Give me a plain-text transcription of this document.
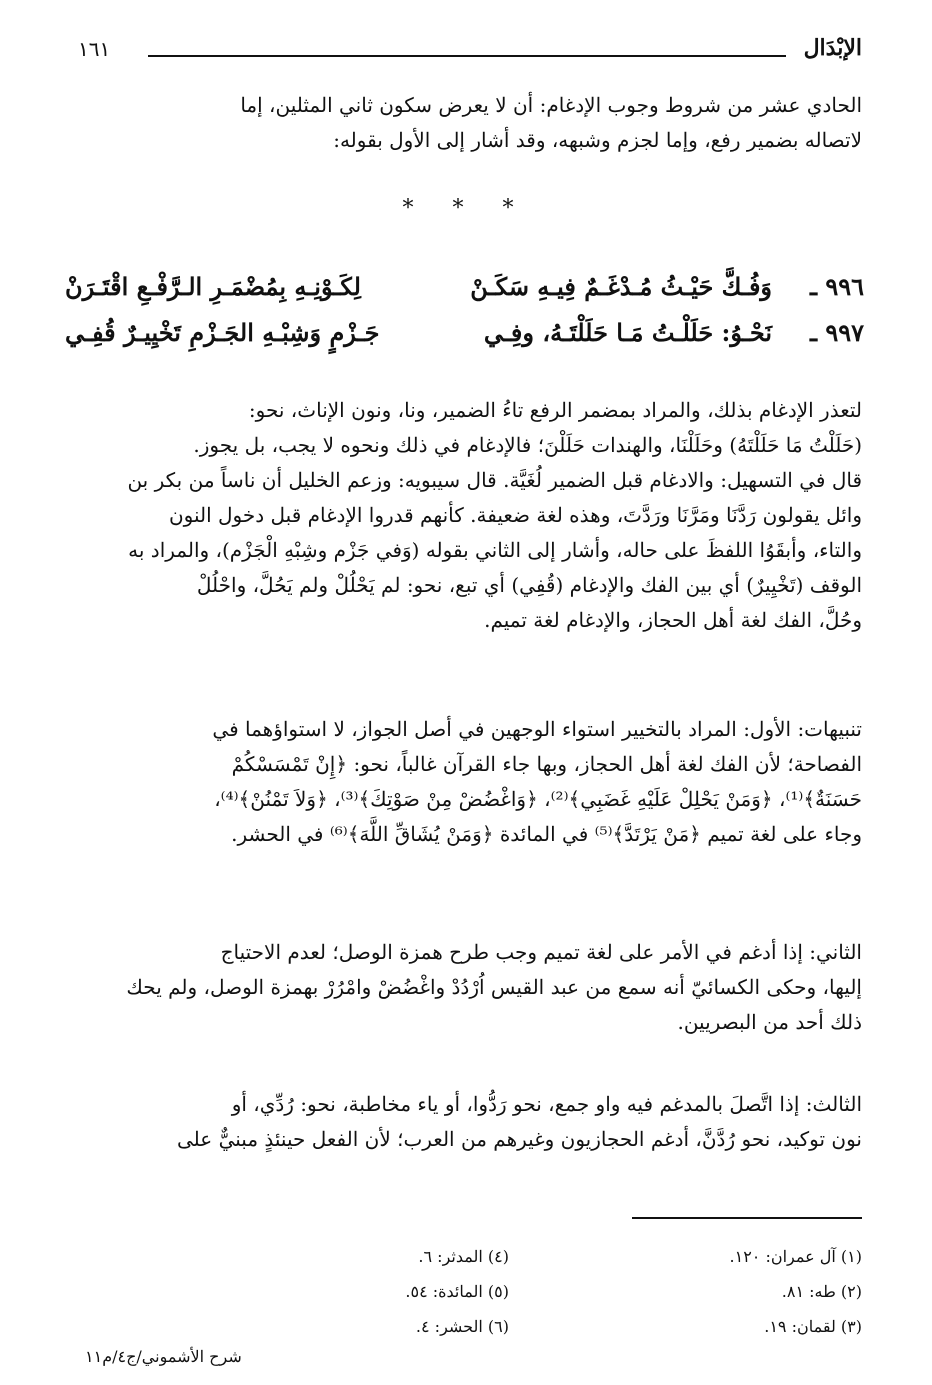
الإبْدَال
١٦١

الحادي عشر من شروط وجوب الإدغام: أن لا يعرض سكون ثاني المثلين، إما

لاتصاله بضمير رفع، وإما لجزم وشبهه، وقد أشار إلى الأول بقوله:

* * *
٩٩٦ ـ
وَفُـكَّ حَيْـثُ مُـدْغَـمٌ فِيـهِ سَكَـنْ
لِكَـوْنِـهِ بِمُضْمَـرِ الـرَّفْـعِ اقْتَـرَنْ
٩٩٧ ـ
نَحْـوُ: حَلَلْـتُ مَـا حَلَلْتَـهُ، وفِـي
جَـزْمٍ وَشِبْـهِ الجَـزْمِ تَخْيِيـرٌ قُفِـي

لتعذر الإدغام بذلك، والمراد بمضمر الرفع تاءُ الضمير، ونا، ونون الإناث، نحو:

(حَلَلْتُ مَا حَلَلْتَهُ) وحَلَلْنَا، والهندات حَلَلْنَ؛ فالإدغام في ذلك ونحوه لا يجب، بل يجوز.

قال في التسهيل: والادغام قبل الضمير لُغَيَّة. قال سيبويه: وزعم الخليل أن ناساً من بكر بن

وائل يقولون رَدَّنَا ومَرَّنَا ورَدَّتَ، وهذه لغة ضعيفة. كأنهم قدروا الإدغام قبل دخول النون

والتاء، وأبقَوُا اللفظَ على حاله، وأشار إلى الثاني بقوله (وَفي جَزْم وشِبْهِ الْجَزْم)، والمراد به

الوقف (تَخْيِيرٌ) أي بين الفك والإدغام (قُفِي) أي تبع، نحو: لم يَحْلُلْ ولم يَحُلَّ، واحْلُلْ

وحُلَّ، الفك لغة أهل الحجاز، والإدغام لغة تميم.

تنبيهات: الأول: المراد بالتخيير استواء الوجهين في أصل الجواز، لا استواؤهما في

الفصاحة؛ لأن الفك لغة أهل الحجاز، وبها جاء القرآن غالباً، نحو: ﴿إِنْ تَمْسَسْكُمْ

حَسَنَةٌ﴾⁽¹⁾، ﴿وَمَنْ يَحْلِلْ عَلَيْهِ غَضَبِي﴾⁽²⁾، ﴿وَاغْضُضْ مِنْ صَوْتِكَ﴾⁽³⁾، ﴿وَلاَ تَمْنُنْ﴾⁽⁴⁾،

وجاء على لغة تميم ﴿مَنْ يَرْتَدَّ﴾⁽⁵⁾ في المائدة ﴿وَمَنْ يُشَاقِّ اللَّهَ﴾⁽⁶⁾ في الحشر.

الثاني: إذا أدغم في الأمر على لغة تميم وجب طرح همزة الوصل؛ لعدم الاحتياج

إليها، وحكى الكسائيّ أنه سمع من عبد القيس اُرْدُدْ واغْضُضْ وامْرُرْ بهمزة الوصل، ولم يحك

ذلك أحد من البصريين.

الثالث: إذا اتَّصلَ بالمدغم فيه واو جمع، نحو رَدُّوا، أو ياء مخاطبة، نحو: رُدِّي، أو

نون توكيد، نحو رُدَّنَّ، أدغم الحجازيون وغيرهم من العرب؛ لأن الفعل حينئذٍ مبنيٌّ على

(١) آل عمران: ١٢٠.
(٢) طه: ٨١.
(٣) لقمان: ١٩.
(٤) المدثر: ٦.
(٥) المائدة: ٥٤.
(٦) الحشر: ٤.
شرح الأشموني/ج٤/م١١
